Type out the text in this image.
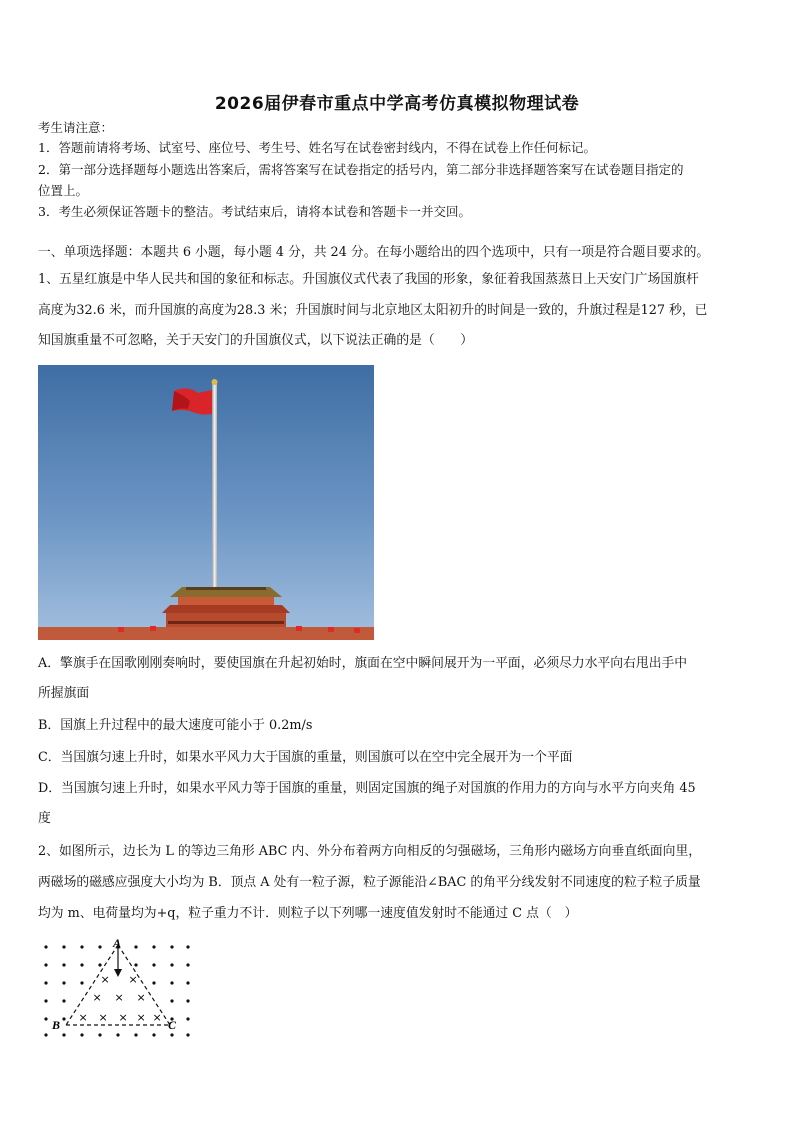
2026届伊春市重点中学高考仿真模拟物理试卷
考生请注意：
1．答题前请将考场、试室号、座位号、考生号、姓名写在试卷密封线内，不得在试卷上作任何标记。
2．第一部分选择题每小题选出答案后，需将答案写在试卷指定的括号内，第二部分非选择题答案写在试卷题目指定的
位置上。
3．考生必须保证答题卡的整洁。考试结束后，请将本试卷和答题卡一并交回。
一、单项选择题：本题共 6 小题，每小题 4 分，共 24 分。在每小题给出的四个选项中，只有一项是符合题目要求的。
1、五星红旗是中华人民共和国的象征和标志。升国旗仪式代表了我国的形象，象征着我国蒸蒸日上天安门广场国旗杆
高度为32.6 米，而升国旗的高度为28.3 米；升国旗时间与北京地区太阳初升的时间是一致的，升旗过程是127 秒，已
知国旗重量不可忽略，关于天安门的升国旗仪式，以下说法正确的是（　　）
A．擎旗手在国歌刚刚奏响时，要使国旗在升起初始时，旗面在空中瞬间展开为一平面，必须尽力水平向右甩出手中
所握旗面
B．国旗上升过程中的最大速度可能小于 0.2m/s
C．当国旗匀速上升时，如果水平风力大于国旗的重量，则国旗可以在空中完全展开为一个平面
D．当国旗匀速上升时，如果水平风力等于国旗的重量，则固定国旗的绳子对国旗的作用力的方向与水平方向夹角 45
度
2、如图所示，边长为 L 的等边三角形 ABC 内、外分布着两方向相反的匀强磁场，三角形内磁场方向垂直纸面向里，
两磁场的磁感应强度大小均为 B．顶点 A 处有一粒子源，粒子源能沿∠BAC 的角平分线发射不同速度的粒子粒子质量
均为 m、电荷量均为+q，粒子重力不计．则粒子以下列哪一速度值发射时不能通过 C 点（　）
× ×
× × ×
× × × × ×
A
B	C
